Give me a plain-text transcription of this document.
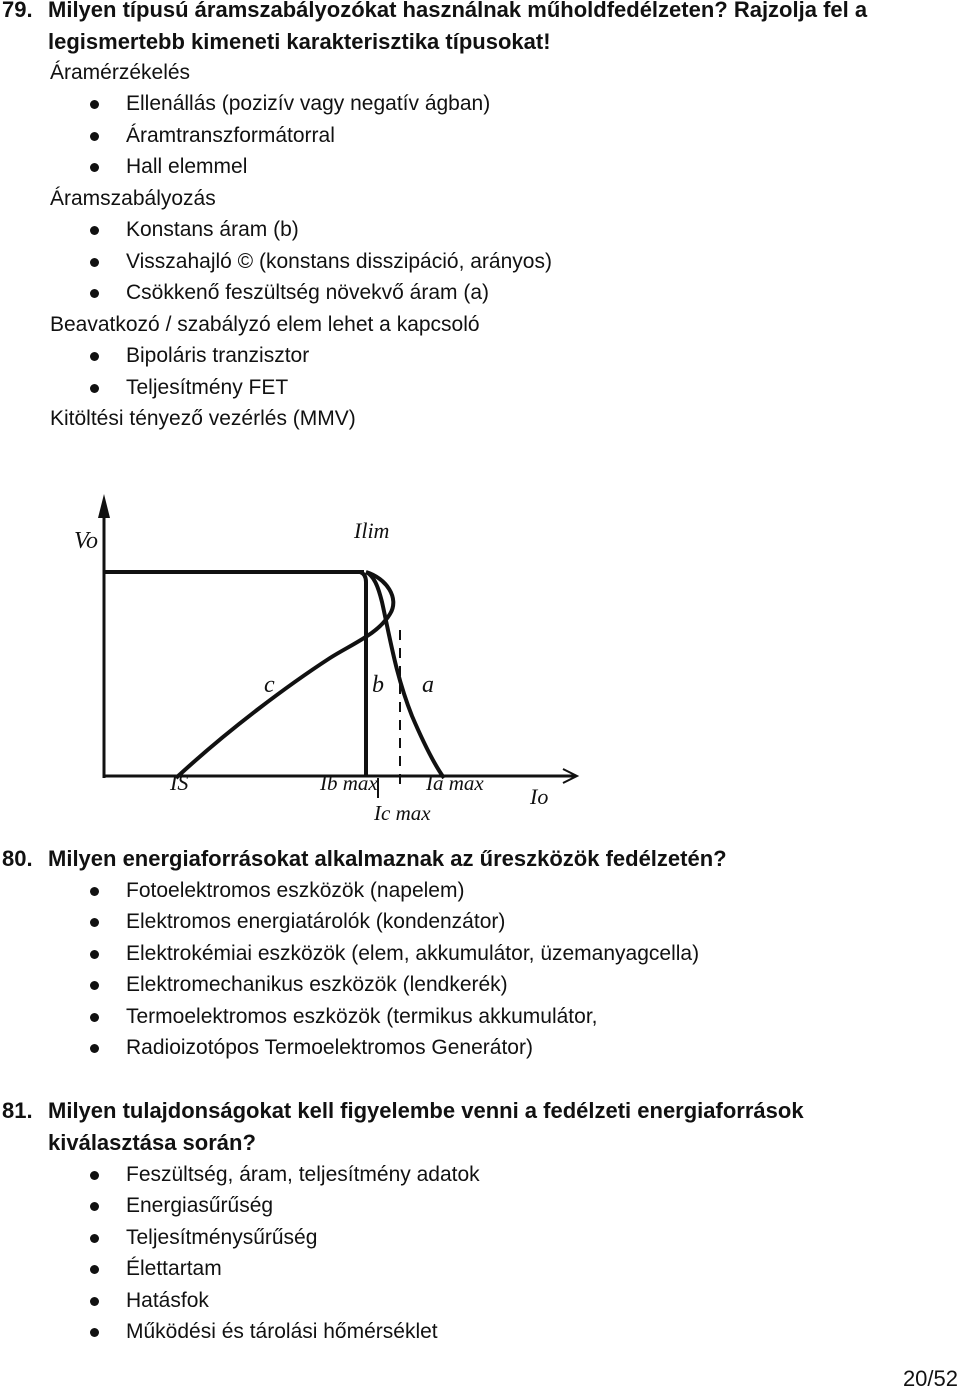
79. Milyen típusú áramszabályozókat használnak műholdfedélzeten? Rajzolja fel a
legismertebb kimeneti karakterisztika típusokat!
Áramérzékelés
Ellenállás (pozizív vagy negatív ágban)
Áramtranszformátorral
Hall elemmel
Áramszabályozás
Konstans áram (b)
Visszahajló © (konstans disszipáció, arányos)
Csökkenő feszültség növekvő áram (a)
Beavatkozó / szabályzó elem lehet a kapcsoló
Bipoláris tranzisztor
Teljesítmény FET
Kitöltési tényező vezérlés (MMV)
Vo	Ilim
c	b a
IS	Ib max Ia max
Ic max
Io
80. Milyen energiaforrásokat alkalmaznak az űreszközök fedélzetén?
Fotoelektromos eszközök (napelem)
Elektromos energiatárolók (kondenzátor)
Elektrokémiai eszközök (elem, akkumulátor, üzemanyagcella)
Elektromechanikus eszközök (lendkerék)
Termoelektromos eszközök (termikus akkumulátor,
Radioizotópos Termoelektromos Generátor)
81. Milyen tulajdonságokat kell figyelembe venni a fedélzeti energiaforrások
kiválasztása során?
Feszültség, áram, teljesítmény adatok
Energiasűrűség
Teljesítménysűrűség
Élettartam
Hatásfok
Működési és tárolási hőmérséklet
20/52
